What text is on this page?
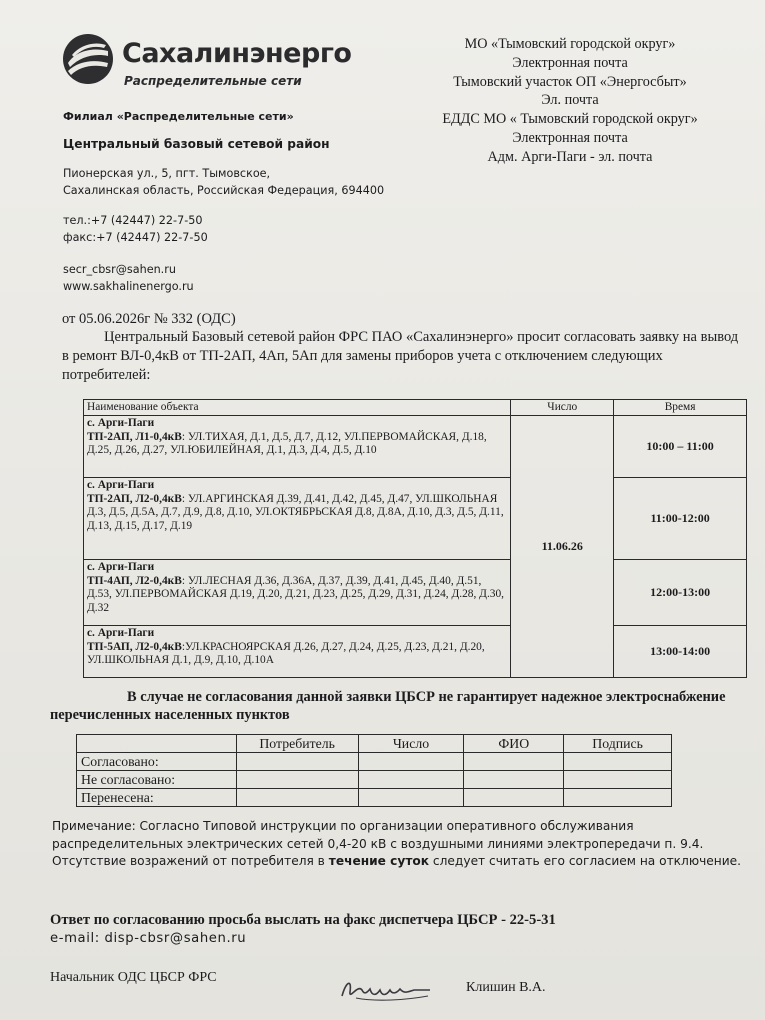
Сахалинэнерго
Распределительные сети
Филиал «Распределительные сети»
Центральный базовый сетевой район
Пионерская ул., 5, пгт. Тымовское,
Сахалинская область, Российская Федерация, 694400
тел.:+7 (42447) 22-7-50
факс:+7 (42447) 22-7-50
secr_cbsr@sahen.ru
www.sakhalinenergo.ru
МО «Тымовский городской округ»
Электронная почта
Тымовский участок ОП «Энергосбыт»
Эл. почта
ЕДДС МО « Тымовский городской округ»
Электронная почта
Адм. Арги-Паги - эл. почта
от 05.06.2026г № 332 (ОДС)
Центральный Базовый сетевой район ФРС ПАО «Сахалинэнерго» просит согласовать заявку на вывод в ремонт ВЛ-0,4кВ от ТП-2АП, 4Ап, 5Ап для замены приборов учета с отключением следующих потребителей:
Наименование объекта	Число	Время

с. Арги-Паги
ТП-2АП, Л1-0,4кВ: УЛ.ТИХАЯ, Д.1, Д.5, Д.7, Д.12, УЛ.ПЕРВОМАЙСКАЯ, Д.18, Д.25, Д.26, Д.27, УЛ.ЮБИЛЕЙНАЯ, Д.1, Д.3, Д.4, Д.5, Д.10	11.06.26	10:00 – 11:00

с. Арги-Паги
ТП-2АП, Л2-0,4кВ: УЛ.АРГИНСКАЯ Д.39, Д.41, Д.42, Д.45, Д.47, УЛ.ШКОЛЬНАЯ Д.3, Д.5, Д.5А, Д.7, Д.9, Д.8, Д.10, УЛ.ОКТЯБРЬСКАЯ Д.8, Д.8А, Д.10, Д.3, Д.5, Д.11, Д.13, Д.15, Д.17, Д.19		11:00-12:00

с. Арги-Паги
ТП-4АП, Л2-0,4кВ: УЛ.ЛЕСНАЯ Д.36, Д.36А, Д.37, Д.39, Д.41, Д.45, Д.40, Д.51, Д.53, УЛ.ПЕРВОМАЙСКАЯ Д.19, Д.20, Д.21, Д.23, Д.25, Д.29, Д.31, Д.24, Д.28, Д.30, Д.32		12:00-13:00

с. Арги-Паги
ТП-5АП, Л2-0,4кВ:УЛ.КРАСНОЯРСКАЯ Д.26, Д.27, Д.24, Д.25, Д.23, Д.21, Д.20, УЛ.ШКОЛЬНАЯ Д.1, Д.9, Д.10, Д.10А		13:00-14:00
В случае не согласования данной заявки ЦБСР не гарантирует надежное электроснабжение перечисленных населенных пунктов
	Потребитель	Число	ФИО	Подпись
Согласовано:				
Не согласовано:				
Перенесена:				
Примечание: Согласно Типовой инструкции по организации оперативного обслуживания распределительных электрических сетей 0,4-20 кВ с воздушными линиями электропередачи п. 9.4. Отсутствие возражений от потребителя в течение суток следует считать его согласием на отключение.
Ответ по согласованию просьба выслать на факс диспетчера ЦБСР - 22-5-31
e-mail: disp-cbsr@sahen.ru
Начальник ОДС ЦБСР ФРС
Клишин В.А.
